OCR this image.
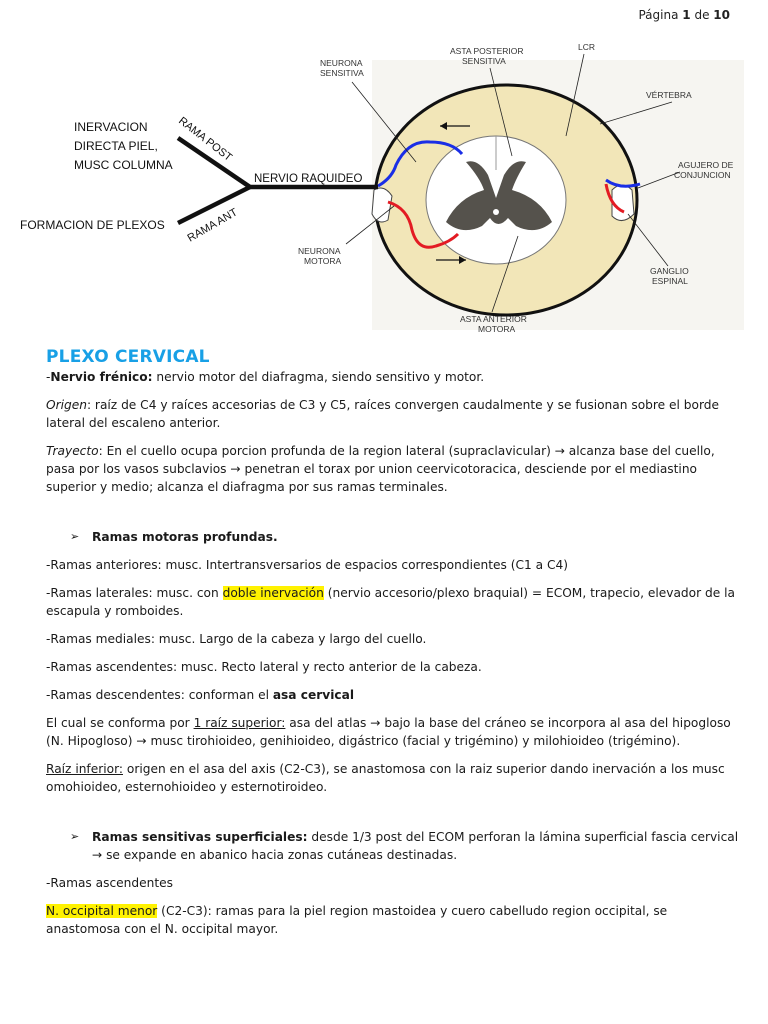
Página 1 de 10
INERVACION
DIRECTA PIEL,
MUSC COLUMNA
FORMACION DE PLEXOS
RAMA POST
RAMA ANT
NERVIO RAQUIDEO
NEURONA
SENSITIVA
ASTA POSTERIOR
SENSITIVA
LCR
VÉRTEBRA
AGUJERO DE
CONJUNCION
GANGLIO
ESPINAL
NEURONA
MOTORA
ASTA ANTERIOR
MOTORA
PLEXO CERVICAL

-Nervio frénico: nervio motor del diafragma, siendo sensitivo y motor.

Origen: raíz de C4 y raíces accesorias de C3 y C5, raíces convergen caudalmente y se fusionan sobre el borde lateral del escaleno anterior.

Trayecto: En el cuello ocupa porcion profunda de la region lateral (supraclavicular) → alcanza base del cuello, pasa por los vasos subclavios → penetran el torax por union ceervicotoracica, desciende por el mediastino superior y medio; alcanza el diafragma por sus ramas terminales.

➢ Ramas motoras profundas.

-Ramas anteriores: musc. Intertransversarios de espacios correspondientes (C1 a C4)

-Ramas laterales: musc. con doble inervación (nervio accesorio/plexo braquial) = ECOM, trapecio, elevador de la escapula y romboides.

-Ramas mediales: musc. Largo de la cabeza y largo del cuello.

-Ramas ascendentes: musc. Recto lateral y recto anterior de la cabeza.

-Ramas descendentes: conforman el asa cervical

El cual se conforma por 1 raíz superior: asa del atlas → bajo la base del cráneo se incorpora al asa del hipogloso (N. Hipogloso) → musc tirohioideo, genihioideo, digástrico (facial y trigémino) y milohioideo (trigémino).

Raíz inferior: origen en el asa del axis (C2-C3), se anastomosa con la raiz superior dando inervación a los musc omohioideo, esternohioideo y esternotiroideo.

➢ Ramas sensitivas superficiales: desde 1/3 post del ECOM perforan la lámina superficial fascia cervical → se expande en abanico hacia zonas cutáneas destinadas.

-Ramas ascendentes

N. occipital menor (C2-C3): ramas para la piel region mastoidea y cuero cabelludo region occipital, se anastomosa con el N. occipital mayor.
